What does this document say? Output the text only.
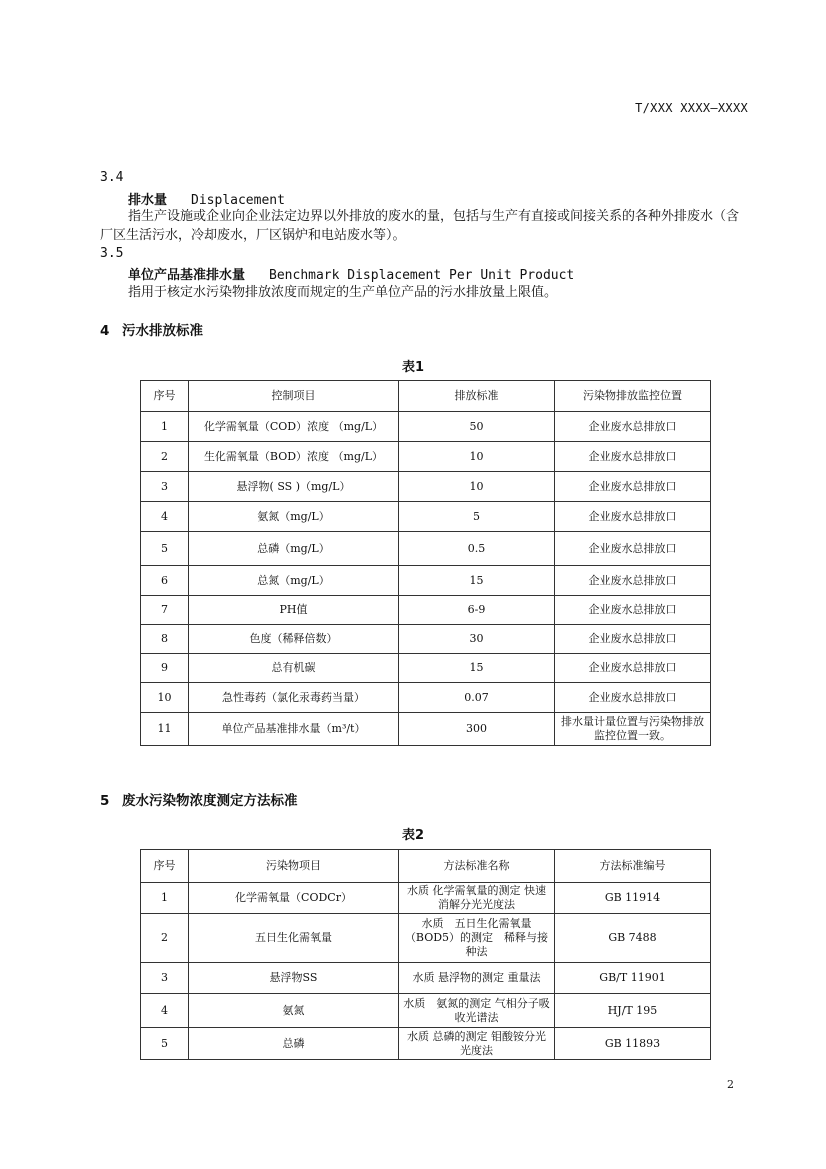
T/XXX XXXX—XXXX
3.4
排水量 Displacement
指生产设施或企业向企业法定边界以外排放的废水的量，包括与生产有直接或间接关系的各种外排废水（含厂区生活污水，冷却废水，厂区锅炉和电站废水等）。
3.5
单位产品基准排水量 Benchmark Displacement Per Unit Product
指用于核定水污染物排放浓度而规定的生产单位产品的污水排放量上限值。
4 污水排放标准
表1
序号	控制项目	排放标准	污染物排放监控位置
1	化学需氧量（COD）浓度 （mg/L）	50	企业废水总排放口
2	生化需氧量（BOD）浓度 （mg/L）	10	企业废水总排放口
3	悬浮物( SS )（mg/L）	10	企业废水总排放口
4	氨氮（mg/L）	5	企业废水总排放口
5	总磷（mg/L）	0.5	企业废水总排放口
6	总氮（mg/L）	15	企业废水总排放口
7	PH值	6-9	企业废水总排放口
8	色度（稀释倍数）	30	企业废水总排放口
9	总有机碳	15	企业废水总排放口
10	急性毒药（氯化汞毒药当量）	0.07	企业废水总排放口
11	单位产品基准排水量（m³/t）	300	排水量计量位置与污染物排放监控位置一致。
5 废水污染物浓度测定方法标准
表2
序号	污染物项目	方法标准名称	方法标准编号
1	化学需氧量（CODCr）	水质 化学需氧量的测定 快速消解分光光度法	GB 11914
2	五日生化需氧量	水质　五日生化需氧量（BOD5）的测定　稀释与接种法	GB 7488
3	悬浮物SS	水质 悬浮物的测定 重量法	GB/T 11901
4	氨氮	水质　氨氮的测定 气相分子吸收光谱法	HJ/T 195
5	总磷	水质 总磷的测定 钼酸铵分光光度法	GB 11893
2
